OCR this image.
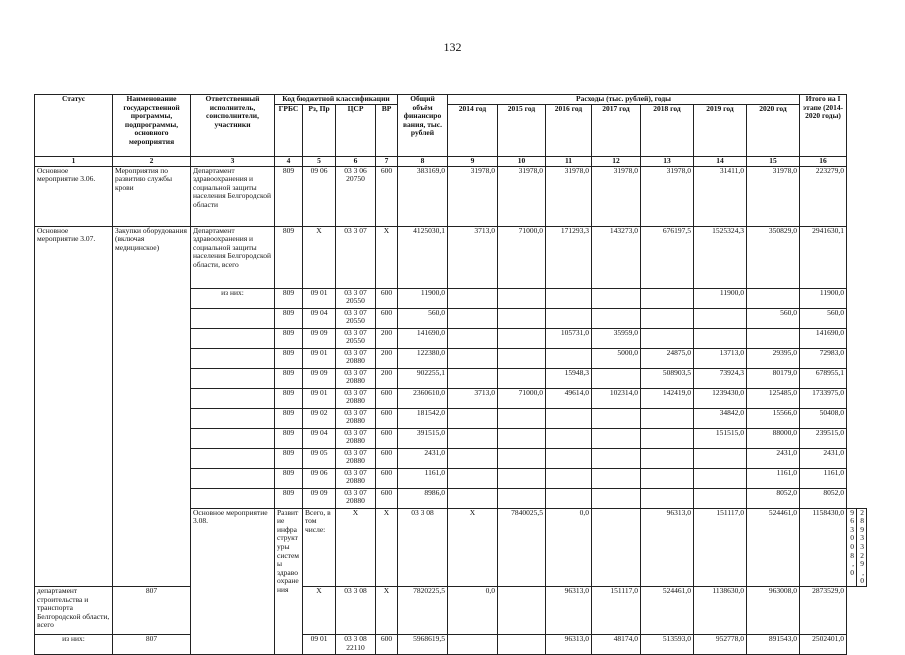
132
Статус	Наименование государственной программы, подпрограммы, основного мероприятия	Ответственный исполнитель, соисполнители, участники	Код бюджетной классификации				Общий объём финансиро вания, тыс. рублей	Расходы (тыс. рублей), годы							Итого на I этапе (2014-2020 годы)		
			ГРБС	Рз, Пр	ЦСР	ВР		2014 год	2015 год	2016 год	2017 год	2018 год	2019 год	2020 год			
1	2	3	4	5	6	7	8	9	10	11	12	13	14	15	16		
Основное мероприятие 3.06.	Мероприятия по развитию службы крови	Департамент здравоохранения и социальной защиты населения Белгородской области	809	09 06	03 3 06 20750	600	383169,0	31978,0	31978,0	31978,0	31978,0	31978,0	31411,0	31978,0	223279,0		
Основное мероприятие 3.07.	Закупки оборудования (включая медицинское)	Департамент здравоохранения и социальной защиты населения Белгородской области, всего	809	X	03 3 07	X	4125030,1	3713,0	71000,0	171293,3	143273,0	676197,5	1525324,3	350829,0	2941630,1		
		из них:	809	09 01	03 3 07 20550	600	11900,0						11900,0		11900,0		
			809	09 04	03 3 07 20550	600	560,0							560,0	560,0		
			809	09 09	03 3 07 20550	200	141690,0			105731,0	35959,0				141690,0		
			809	09 01	03 3 07 20880	200	122380,0				5000,0	24875,0	13713,0	29395,0	72983,0		
			809	09 09	03 3 07 20880	200	902255,1			15948,3		508903,5	73924,3	80179,0	678955,1		
			809	09 01	03 3 07 20880	600	2360610,0	3713,0	71000,0	49614,0	102314,0	142419,0	1239430,0	125485,0	1733975,0		
			809	09 02	03 3 07 20880	600	181542,0						34842,0	15566,0	50408,0		
			809	09 04	03 3 07 20880	600	391515,0						151515,0	88000,0	239515,0		
			809	09 05	03 3 07 20880	600	2431,0							2431,0	2431,0		
			809	09 06	03 3 07 20880	600	1161,0							1161,0	1161,0		
			809	09 09	03 3 07 20880	600	8986,0							8052,0	8052,0		
		Основное мероприятие 3.08.	Развитие инфраструктуры системы здравоохранения	Всего, в том числе:	X	X	03 3 08	X	7840025,5	0,0		96313,0	151117,0	524461,0	1158430,0	963008,0	2893329,0
департамент строительства и транспорта Белгородской области, всего	807			X	03 3 08	X	7820225,5	0,0		96313,0	151117,0	524461,0	1138630,0	963008,0	2873529,0		
из них:	807			09 01	03 3 08 22110	600	5968619,5			96313,0	48174,0	513593,0	952778,0	891543,0	2502401,0		
